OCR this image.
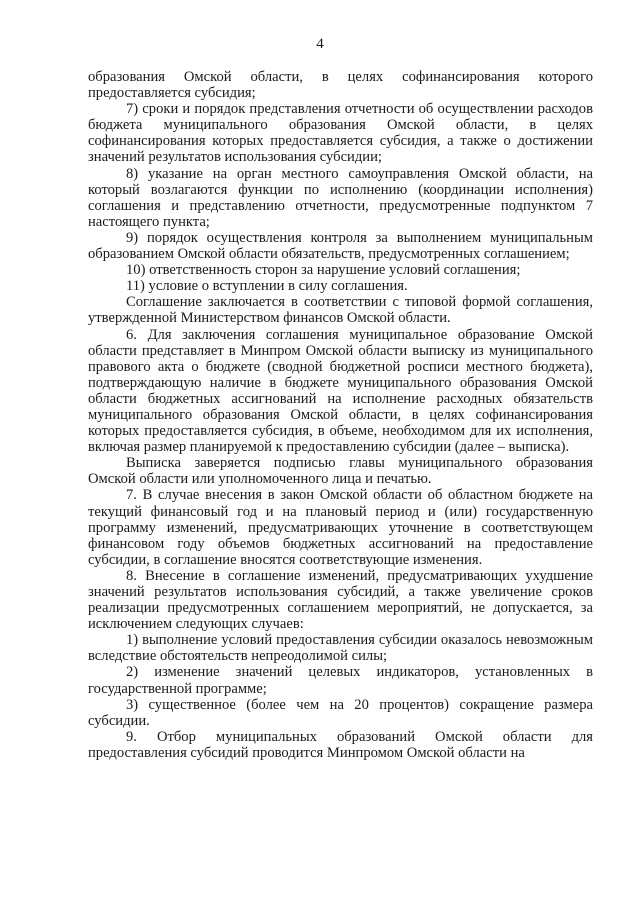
4

образования Омской области, в целях софинансирования которого предоставляется субсидия;

7) сроки и порядок представления отчетности об осуществлении расходов бюджета муниципального образования Омской области, в целях софинансирования которых предоставляется субсидия, а также о достижении значений результатов использования субсидии;

8) указание на орган местного самоуправления Омской области, на который возлагаются функции по исполнению (координации исполнения) соглашения и представлению отчетности, предусмотренные подпунктом 7 настоящего пункта;

9) порядок осуществления контроля за выполнением муниципальным образованием Омской области обязательств, предусмотренных соглашением;

10) ответственность сторон за нарушение условий соглашения;

11) условие о вступлении в силу соглашения.

Соглашение заключается в соответствии с типовой формой соглашения, утвержденной Министерством финансов Омской области.

6. Для заключения соглашения муниципальное образование Омской области представляет в Минпром Омской области выписку из муниципального правового акта о бюджете (сводной бюджетной росписи местного бюджета), подтверждающую наличие в бюджете муниципального образования Омской области бюджетных ассигнований на исполнение расходных обязательств муниципального образования Омской области, в целях софинансирования которых предоставляется субсидия, в объеме, необходимом для их исполнения, включая размер планируемой к предоставлению субсидии (далее – выписка).

Выписка заверяется подписью главы муниципального образования Омской области или уполномоченного лица и печатью.

7. В случае внесения в закон Омской области об областном бюджете на текущий финансовый год и на плановый период и (или) государственную программу изменений, предусматривающих уточнение в соответствующем финансовом году объемов бюджетных ассигнований на предоставление субсидии, в соглашение вносятся соответствующие изменения.

8. Внесение в соглашение изменений, предусматривающих ухудшение значений результатов использования субсидий, а также увеличение сроков реализации предусмотренных соглашением мероприятий, не допускается, за исключением следующих случаев:

1) выполнение условий предоставления субсидии оказалось невозможным вследствие обстоятельств непреодолимой силы;

2) изменение значений целевых индикаторов, установленных в государственной программе;

3) существенное (более чем на 20 процентов) сокращение размера субсидии.

9. Отбор муниципальных образований Омской области для предоставления субсидий проводится Минпромом Омской области на
